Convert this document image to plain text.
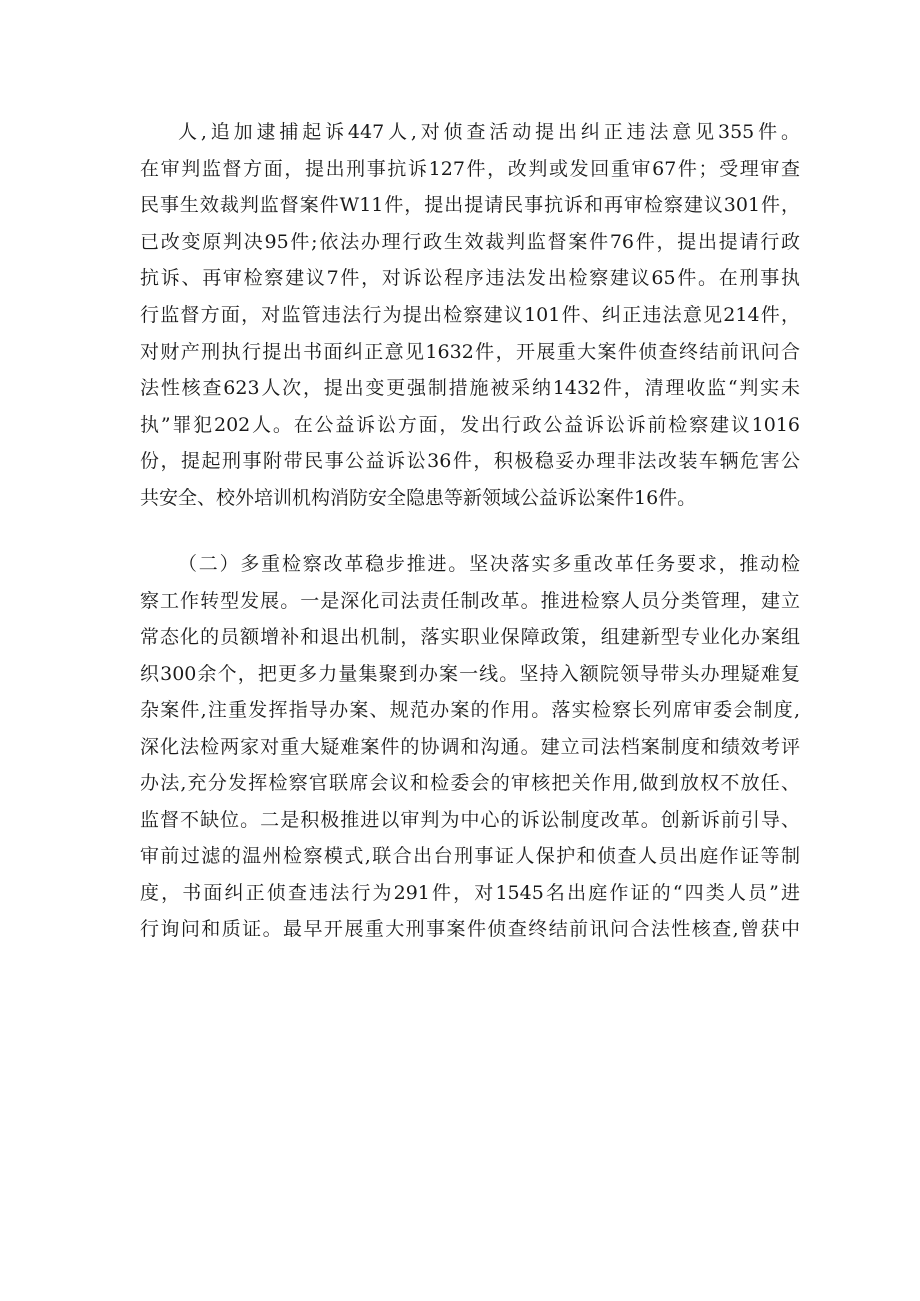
人,追加逮捕起诉447人,对侦查活动提出纠正违法意见355件。

在审判监督方面，提出刑事抗诉127件，改判或发回重审67件；受理审查

民事生效裁判监督案件W11件，提出提请民事抗诉和再审检察建议301件，

已改变原判决95件;依法办理行政生效裁判监督案件76件，提出提请行政

抗诉、再审检察建议7件，对诉讼程序违法发出检察建议65件。在刑事执

行监督方面，对监管违法行为提出检察建议101件、纠正违法意见214件，

对财产刑执行提出书面纠正意见1632件，开展重大案件侦查终结前讯问合

法性核查623人次，提出变更强制措施被采纳1432件，清理收监“判实未

执”罪犯202人。在公益诉讼方面，发出行政公益诉讼诉前检察建议1016

份，提起刑事附带民事公益诉讼36件，积极稳妥办理非法改装车辆危害公

共安全、校外培训机构消防安全隐患等新领域公益诉讼案件16件。

（二）多重检察改革稳步推进。坚决落实多重改革任务要求，推动检

察工作转型发展。一是深化司法责任制改革。推进检察人员分类管理，建立

常态化的员额增补和退出机制，落实职业保障政策，组建新型专业化办案组

织300余个，把更多力量集聚到办案一线。坚持入额院领导带头办理疑难复

杂案件,注重发挥指导办案、规范办案的作用。落实检察长列席审委会制度,

深化法检两家对重大疑难案件的协调和沟通。建立司法档案制度和绩效考评

办法,充分发挥检察官联席会议和检委会的审核把关作用,做到放权不放任、

监督不缺位。二是积极推进以审判为中心的诉讼制度改革。创新诉前引导、

审前过滤的温州检察模式,联合出台刑事证人保护和侦查人员出庭作证等制

度，书面纠正侦查违法行为291件，对1545名出庭作证的“四类人员”进

行询问和质证。最早开展重大刑事案件侦查终结前讯问合法性核查,曾获中
